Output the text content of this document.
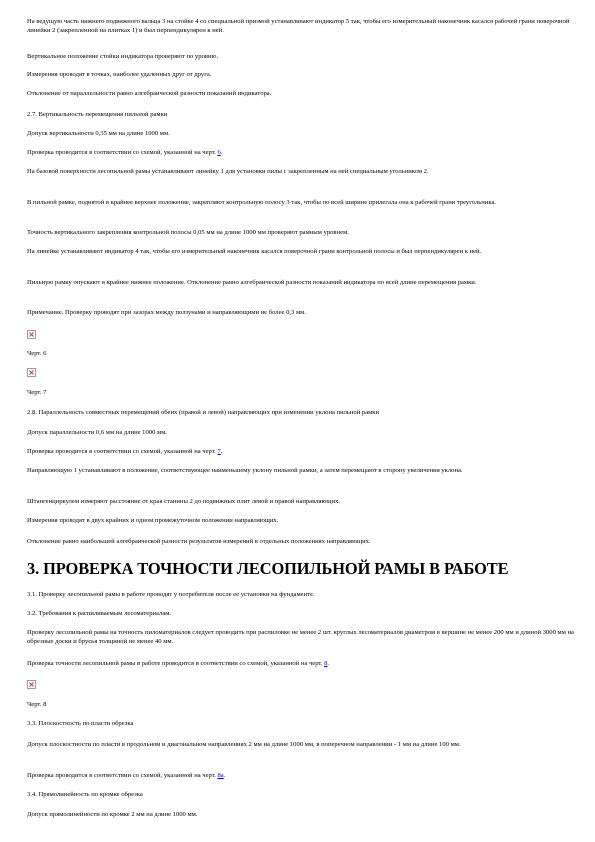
На ведущую часть нижнего подвижного вальца 3 на стойке 4 со специальной призмой устанавливают индикатор 5 так, чтобы его измерительный наконечник касался рабочей грани поверочной линейки 2 (закрепленной на плитках 1) и был перпендикулярен к ней.

Вертикальное положение стойки индикатора проверяют по уровню.

Измерения проводят в точках, наиболее удаленных друг от друга.

Отклонение от параллельности равно алгебраической разности показаний индикатора.

2.7. Вертикальность перемещения пильной рамки

Допуск вертикальности 0,35 мм на длине 1000 мм.

Проверка проводится в соответствии со схемой, указанной на черт. 6.

На базовой поверхности лесопильной рамы устанавливают линейку 1 для установки пилы с закрепленным на ней специальным угольником 2.

В пильной рамке, поднятой в крайнее верхнее положение, закрепляют контрольную полосу 3 так, чтобы по всей ширине прилегала она к рабочей грани треугольника.

Точность вертикального закрепления контрольной полосы 0,05 мм на длине 1000 мм проверяют рамным уровнем.

На линейке устанавливают индикатор 4 так, чтобы его измерительный наконечник касался поверочной грани контрольной полосы и был перпендикулярен к ней.

Пильную рамку опускают в крайнее нижнее положение. Отклонение равно алгебраической разности показаний индикатора по всей длине перемещения рамки.

Примечание. Проверку проводят при зазорах между ползунами и направляющими не более 0,3 мм.

Черт. 6

Черт. 7

2.8. Параллельность совместных перемещений обеих (правой и левой) направляющих при изменении уклона пильной рамки

Допуск параллельности 0,6 мм на длине 1000 мм.

Проверка проводится в соответствии со схемой, указанной на черт. 7.

Направляющую 1 устанавливают в положение, соответствующее наименьшему уклону пильной рамки, а затем перемещают в сторону увеличения уклона.

Штангенциркулем измеряют расстояние от края станины 2 до подвижных плит левой и правой направляющих.

Измерения проводят в двух крайних и одном промежуточном положении направляющих.

Отклонение равно наибольшей алгебраической разности результатов измерений в отдельных положениях направляющих.

3. ПРОВЕРКА ТОЧНОСТИ ЛЕСОПИЛЬНОЙ РАМЫ В РАБОТЕ

3.1. Проверку лесопильной рамы в работе проводят у потребителя после ее установки на фундаменте.

3.2. Требования к распиливаемым лесоматериалам.

Проверку лесопильной рамы на точность пиломатериалов следует проводить при распиловке не менее 2 шт. круглых лесоматериалов диаметром в вершине не менее 200 мм и длиной 3000 мм на обрезные доски и брусья толщиной не менее 40 мм.

Проверка точности лесопильной рамы в работе проводится в соответствии со схемой, указанной на черт. 8.

Черт. 8

3.3. Плоскостность по пласти обрезка

Допуск плоскостности по пласти в продольном и диагональном направлениях 2 мм на длине 1000 мм, в поперечном направлении - 1 мм на длине 100 мм.

Проверка проводится в соответствии со схемой, указанной на черт. 8а.

3.4. Прямолинейность по кромке обрезка

Допуск прямолинейности по кромке 2 мм на длине 1000 мм.
